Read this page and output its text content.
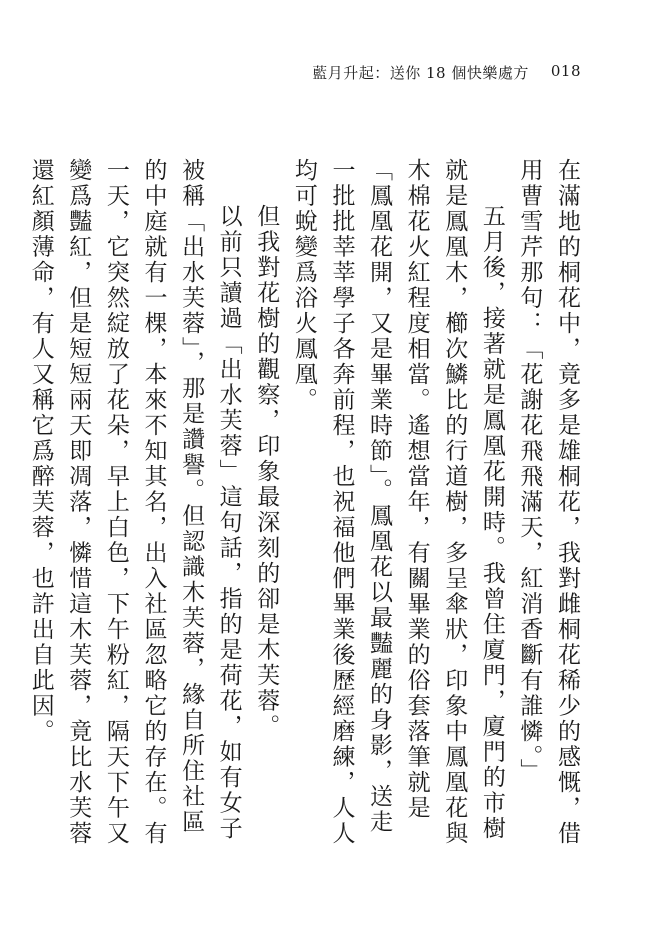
藍月升起：送你 18 個快樂處方 018

在滿地的桐花中，竟多是雄桐花，我對雌桐花稀少的感慨，借用曹雪芹那句：「花謝花飛飛滿天，紅消香斷有誰憐。」

五月後，接著就是鳳凰花開時。我曾住廈門，廈門的市樹就是鳳凰木，櫛次鱗比的行道樹，多呈傘狀，印象中鳳凰花與木棉花火紅程度相當。遙想當年，有關畢業的俗套落筆就是「鳳凰花開，又是畢業時節」。鳳凰花以最豔麗的身影，送走一批批莘莘學子各奔前程，也祝福他們畢業後歷經磨練，人人均可蛻變爲浴火鳳凰。

但我對花樹的觀察，印象最深刻的卻是木芙蓉。

以前只讀過「出水芙蓉」這句話，指的是荷花，如有女子被稱「出水芙蓉」，那是讚譽。但認識木芙蓉，緣自所住社區的中庭就有一棵，本來不知其名，出入社區忽略它的存在。有一天，它突然綻放了花朵，早上白色，下午粉紅，隔天下午又變爲豔紅，但是短短兩天即凋落，憐惜這木芙蓉，竟比水芙蓉還紅顏薄命，有人又稱它爲醉芙蓉，也許出自此因。
